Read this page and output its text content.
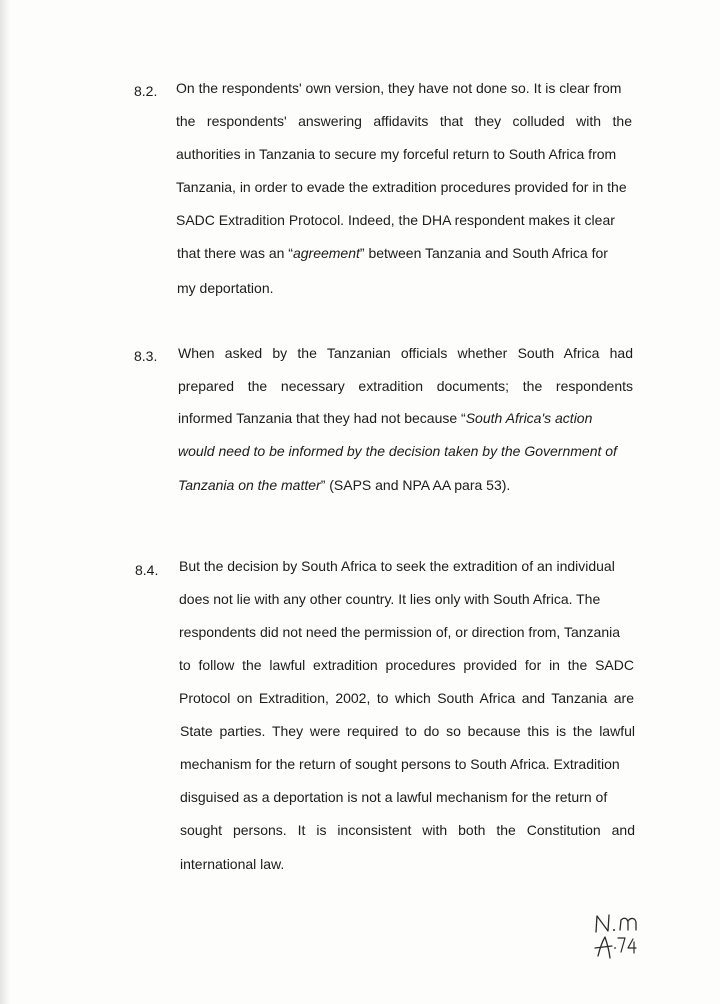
8.2. On the respondents' own version, they have not done so. It is clear from
the respondents' answering affidavits that they colluded with the
authorities in Tanzania to secure my forceful return to South Africa from
Tanzania, in order to evade the extradition procedures provided for in the
SADC Extradition Protocol. Indeed, the DHA respondent makes it clear
that there was an “agreement” between Tanzania and South Africa for
my deportation.
8.3. When asked by the Tanzanian officials whether South Africa had
prepared the necessary extradition documents; the respondents
informed Tanzania that they had not because “South Africa's action
would need to be informed by the decision taken by the Government of
Tanzania on the matter” (SAPS and NPA AA para 53).
8.4. But the decision by South Africa to seek the extradition of an individual
does not lie with any other country. It lies only with South Africa. The
respondents did not need the permission of, or direction from, Tanzania
to follow the lawful extradition procedures provided for in the SADC
Protocol on Extradition, 2002, to which South Africa and Tanzania are
State parties. They were required to do so because this is the lawful
mechanism for the return of sought persons to South Africa. Extradition
disguised as a deportation is not a lawful mechanism for the return of
sought persons. It is inconsistent with both the Constitution and
international law.
